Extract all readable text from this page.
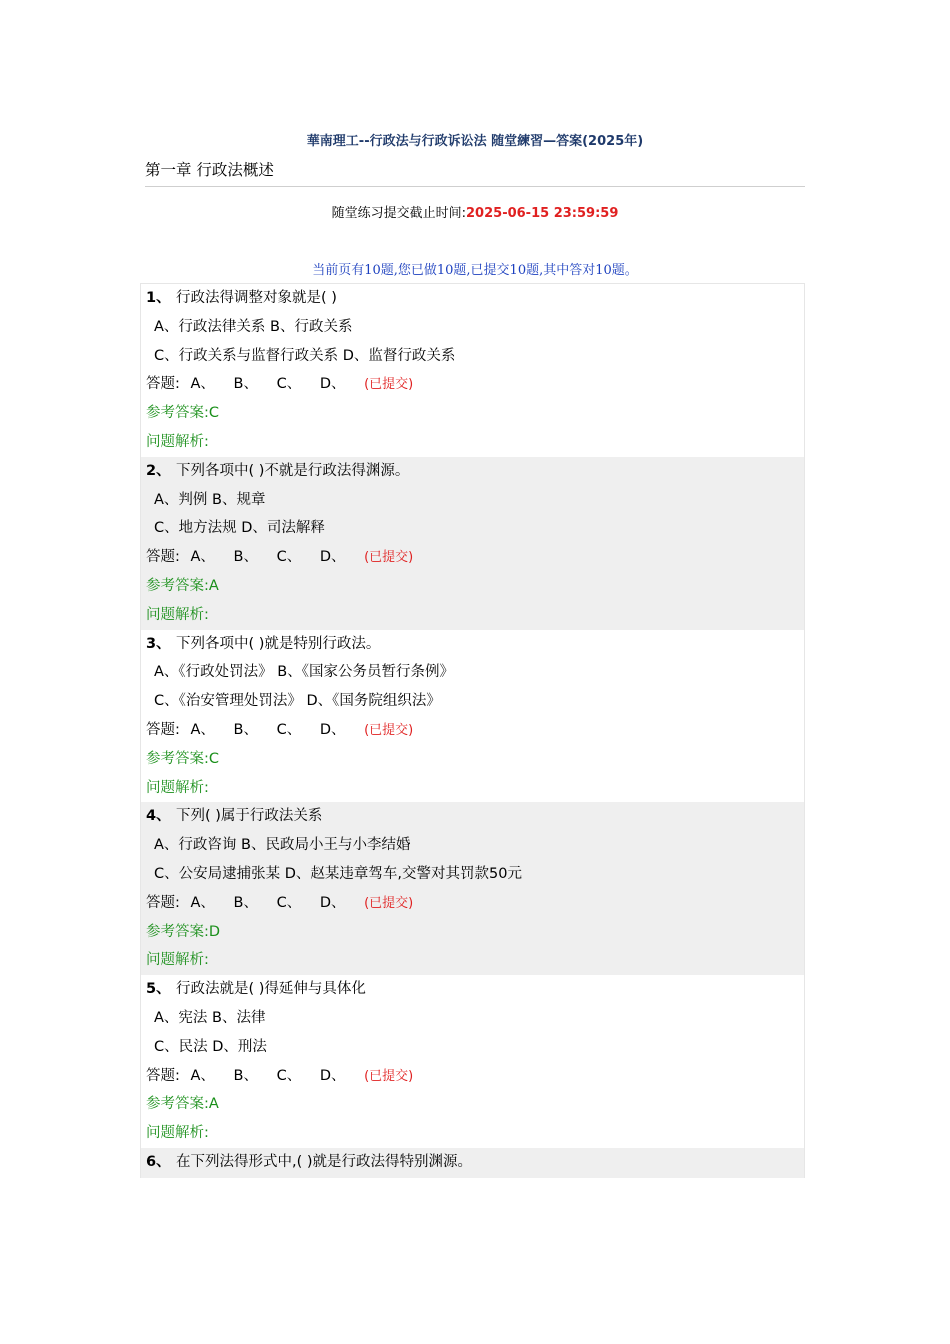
華南理工--行政法与行政诉讼法 随堂練習—答案(2025年)
第一章 行政法概述
随堂练习提交截止时间:2025-06-15 23:59:59
当前页有10题,您已做10题,已提交10题,其中答对10题。
1、 行政法得调整对象就是( )
A、行政法律关系 B、行政关系
C、行政关系与监督行政关系 D、监督行政关系
答题: A、 B、 C、 D、 (已提交)
参考答案:C
问题解析:
2、 下列各项中( )不就是行政法得渊源。
A、判例 B、规章
C、地方法规 D、司法解释
答题: A、 B、 C、 D、 (已提交)
参考答案:A
问题解析:
3、 下列各项中( )就是特别行政法。
A、《行政处罚法》 B、《国家公务员暂行条例》
C、《治安管理处罚法》 D、《国务院组织法》
答题: A、 B、 C、 D、 (已提交)
参考答案:C
问题解析:
4、 下列( )属于行政法关系
A、行政咨询 B、民政局小王与小李结婚
C、公安局逮捕张某 D、赵某违章驾车,交警对其罚款50元
答题: A、 B、 C、 D、 (已提交)
参考答案:D
问题解析:
5、 行政法就是( )得延伸与具体化
A、宪法 B、法律
C、民法 D、刑法
答题: A、 B、 C、 D、 (已提交)
参考答案:A
问题解析:
6、 在下列法得形式中,( )就是行政法得特别渊源。
